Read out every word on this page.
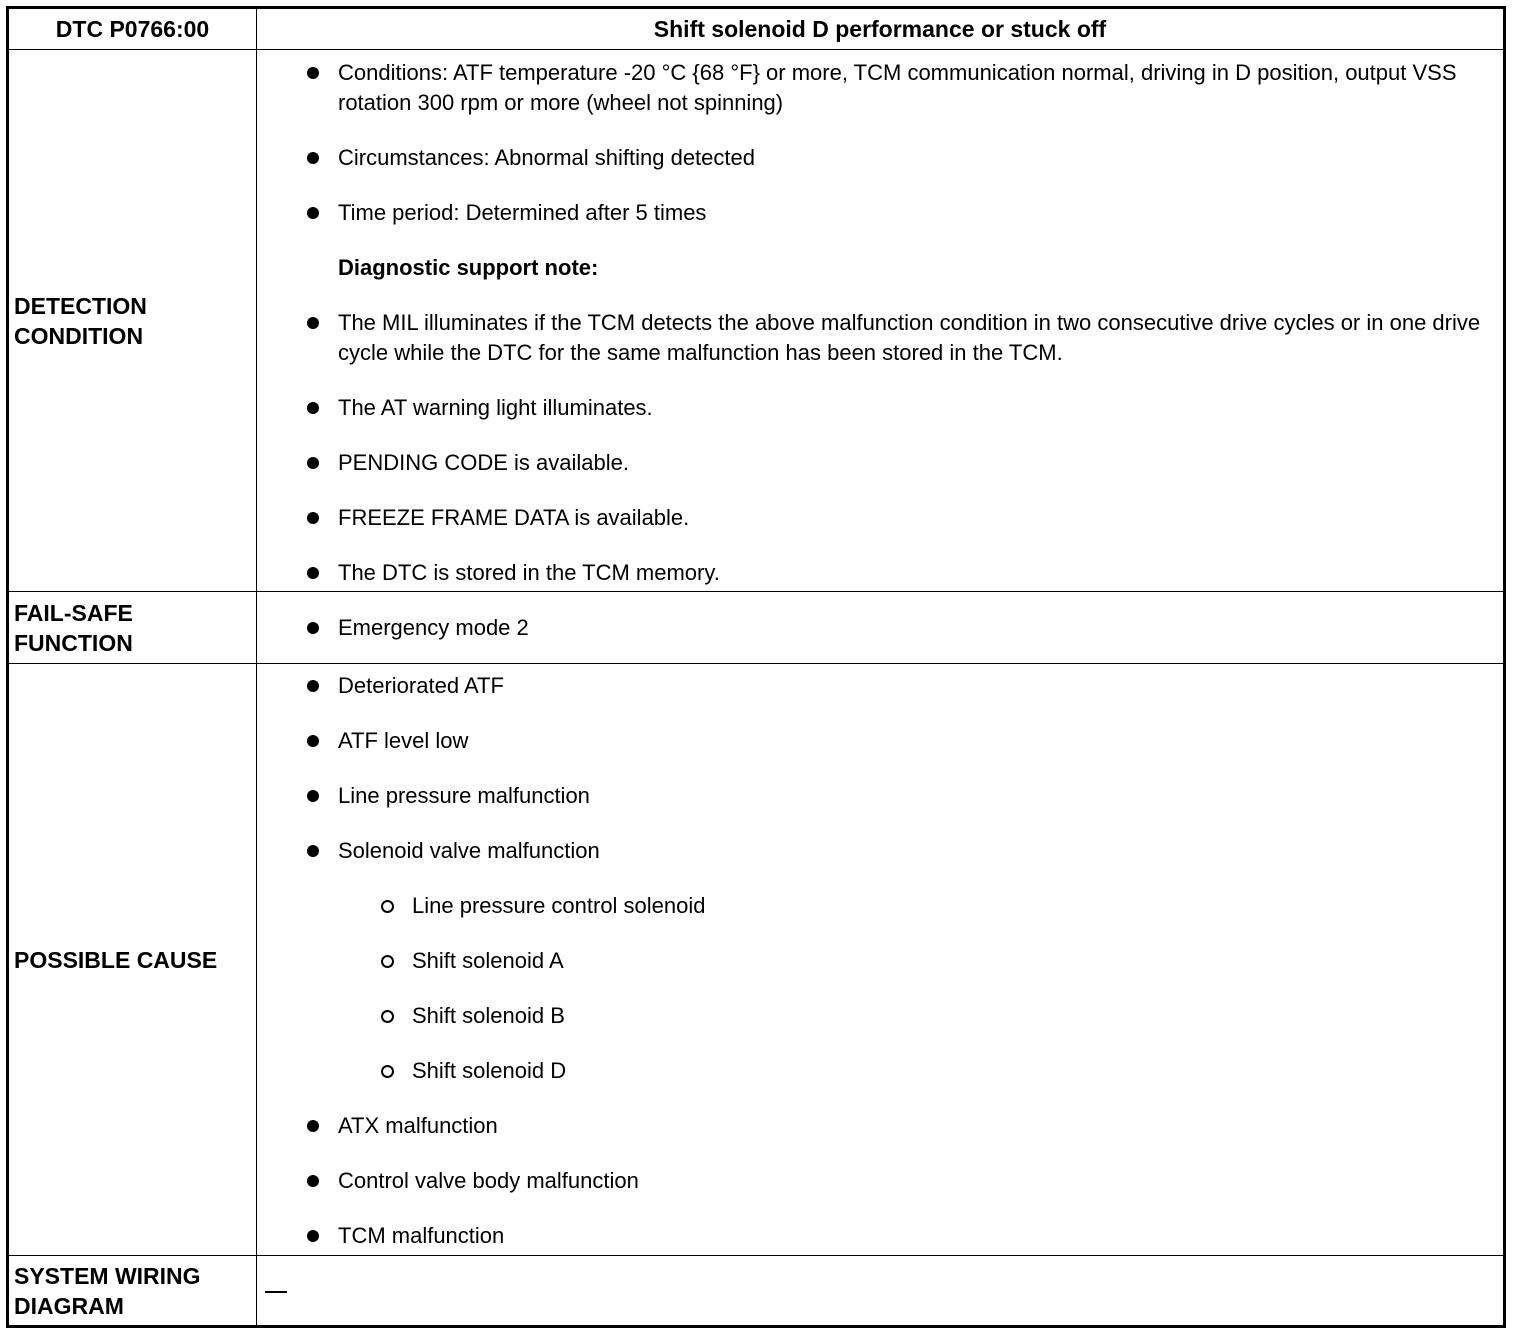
DTC P0766:00	Shift solenoid D performance or stuck off
DETECTION
CONDITION
Conditions: ATF temperature -20 °C {68 °F} or more, TCM communication normal, driving in D position, output VSS rotation 300 rpm or more (wheel not spinning)
Circumstances: Abnormal shifting detected
Time period: Determined after 5 times
Diagnostic support note:
The MIL illuminates if the TCM detects the above malfunction condition in two consecutive drive cycles or in one drive cycle while the DTC for the same malfunction has been stored in the TCM.
The AT warning light illuminates.
PENDING CODE is available.
FREEZE FRAME DATA is available.
The DTC is stored in the TCM memory.
FAIL-SAFE
FUNCTION
Emergency mode 2
POSSIBLE CAUSE
Deteriorated ATF
ATF level low
Line pressure malfunction
Solenoid valve malfunction
Line pressure control solenoid
Shift solenoid A
Shift solenoid B
Shift solenoid D
ATX malfunction
Control valve body malfunction
TCM malfunction
SYSTEM WIRING
DIAGRAM
